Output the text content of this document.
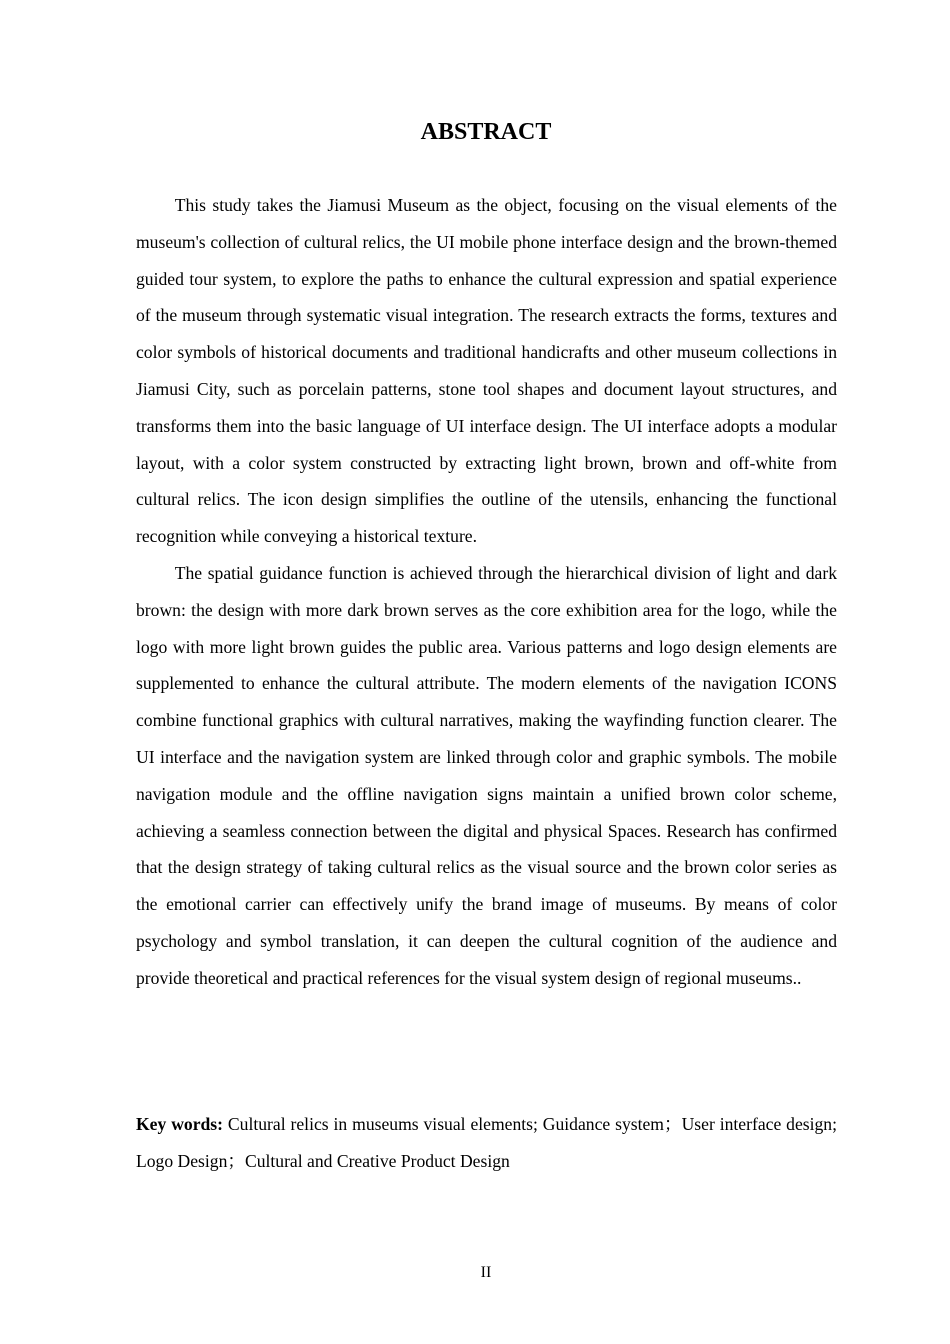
ABSTRACT

This study takes the Jiamusi Museum as the object, focusing on the visual elements of the museum's collection of cultural relics, the UI mobile phone interface design and the brown-themed guided tour system, to explore the paths to enhance the cultural expression and spatial experience of the museum through systematic visual integration. The research extracts the forms, textures and color symbols of historical documents and traditional handicrafts and other museum collections in Jiamusi City, such as porcelain patterns, stone tool shapes and document layout structures, and transforms them into the basic language of UI interface design. The UI interface adopts a modular layout, with a color system constructed by extracting light brown, brown and off-white from cultural relics. The icon design simplifies the outline of the utensils, enhancing the functional recognition while conveying a historical texture.

The spatial guidance function is achieved through the hierarchical division of light and dark brown: the design with more dark brown serves as the core exhibition area for the logo, while the logo with more light brown guides the public area. Various patterns and logo design elements are supplemented to enhance the cultural attribute. The modern elements of the navigation ICONS combine functional graphics with cultural narratives, making the wayfinding function clearer. The UI interface and the navigation system are linked through color and graphic symbols. The mobile navigation module and the offline navigation signs maintain a unified brown color scheme, achieving a seamless connection between the digital and physical Spaces. Research has confirmed that the design strategy of taking cultural relics as the visual source and the brown color series as the emotional carrier can effectively unify the brand image of museums. By means of color psychology and symbol translation, it can deepen the cultural cognition of the audience and provide theoretical and practical references for the visual system design of regional museums..

Key words: Cultural relics in museums visual elements; Guidance system；User interface design; Logo Design；Cultural and Creative Product Design

II
